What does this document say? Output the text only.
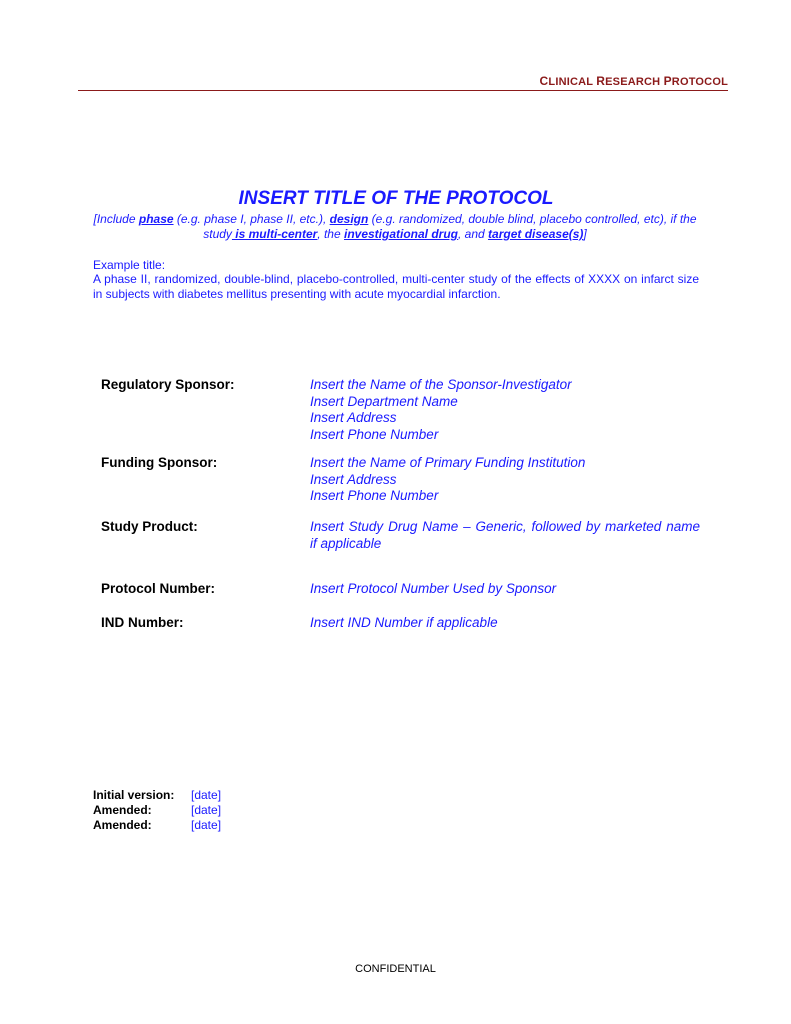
CLINICAL RESEARCH PROTOCOL
INSERT TITLE OF THE PROTOCOL
[Include phase (e.g. phase I, phase II, etc.), design (e.g. randomized, double blind, placebo controlled, etc), if the study is multi-center, the investigational drug, and target disease(s)]
Example title:
A phase II, randomized, double-blind, placebo-controlled, multi-center study of the effects of XXXX on infarct size in subjects with diabetes mellitus presenting with acute myocardial infarction.
Regulatory Sponsor:	Insert the Name of the Sponsor-Investigator
Insert Department Name
Insert Address
Insert Phone Number
Funding Sponsor:	Insert the Name of Primary Funding Institution
Insert Address
Insert Phone Number
Study Product:	Insert Study Drug Name – Generic, followed by marketed name if applicable
Protocol Number:	Insert Protocol Number Used by Sponsor
IND Number:	Insert IND Number if applicable
Initial version: [date]
Amended:	[date]
Amended:	[date]
CONFIDENTIAL
